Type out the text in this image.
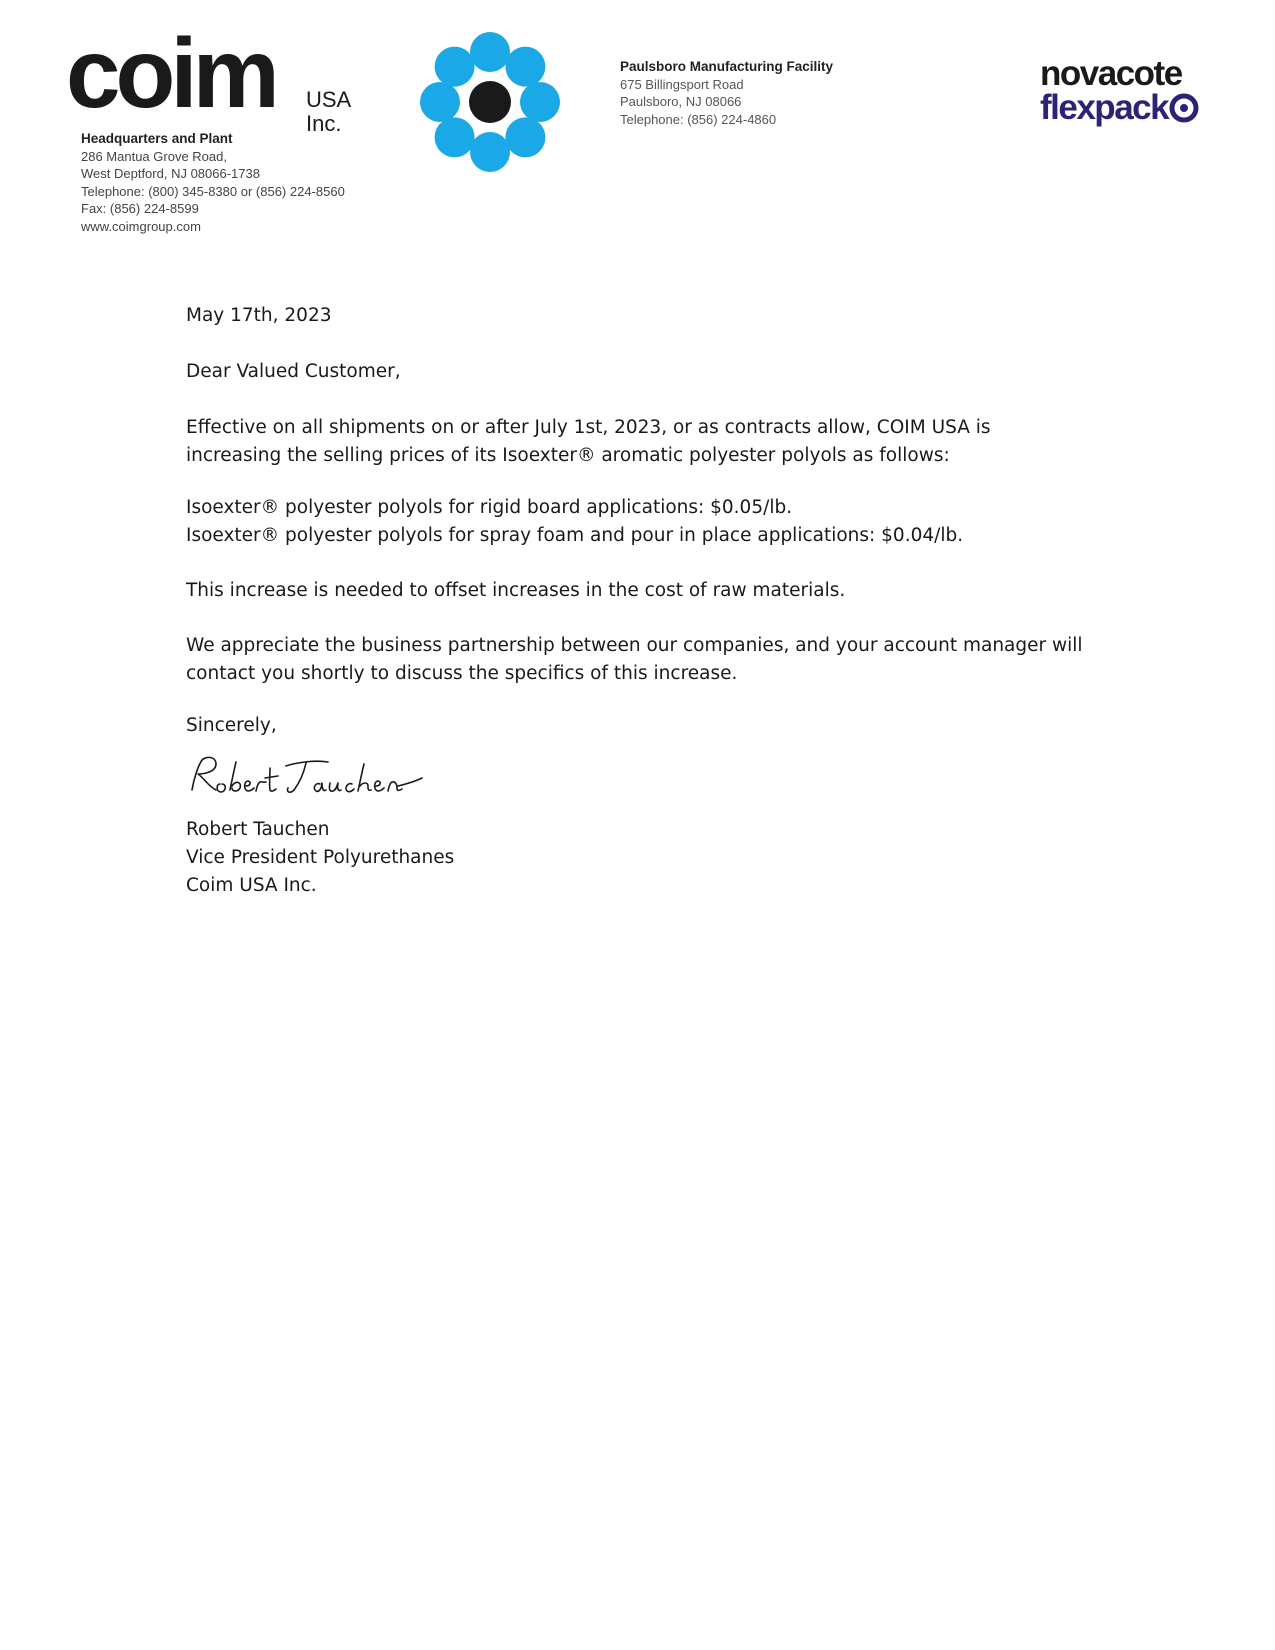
coim USA Inc.
Headquarters and Plant
286 Mantua Grove Road,
West Deptford, NJ 08066-1738
Telephone: (800) 345-8380 or (856) 224-8560
Fax: (856) 224-8599
www.coimgroup.com
Paulsboro Manufacturing Facility
675 Billingsport Road
Paulsboro, NJ 08066
Telephone: (856) 224-4860
novacote
flexpack

May 17th, 2023

Dear Valued Customer,

Effective on all shipments on or after July 1st, 2023, or as contracts allow, COIM USA is
increasing the selling prices of its Isoexter® aromatic polyester polyols as follows:

Isoexter® polyester polyols for rigid board applications: $0.05/lb.
Isoexter® polyester polyols for spray foam and pour in place applications: $0.04/lb.

This increase is needed to offset increases in the cost of raw materials.

We appreciate the business partnership between our companies, and your account manager will
contact you shortly to discuss the specifics of this increase.

Sincerely,

Robert Tauchen
Vice President Polyurethanes
Coim USA Inc.
